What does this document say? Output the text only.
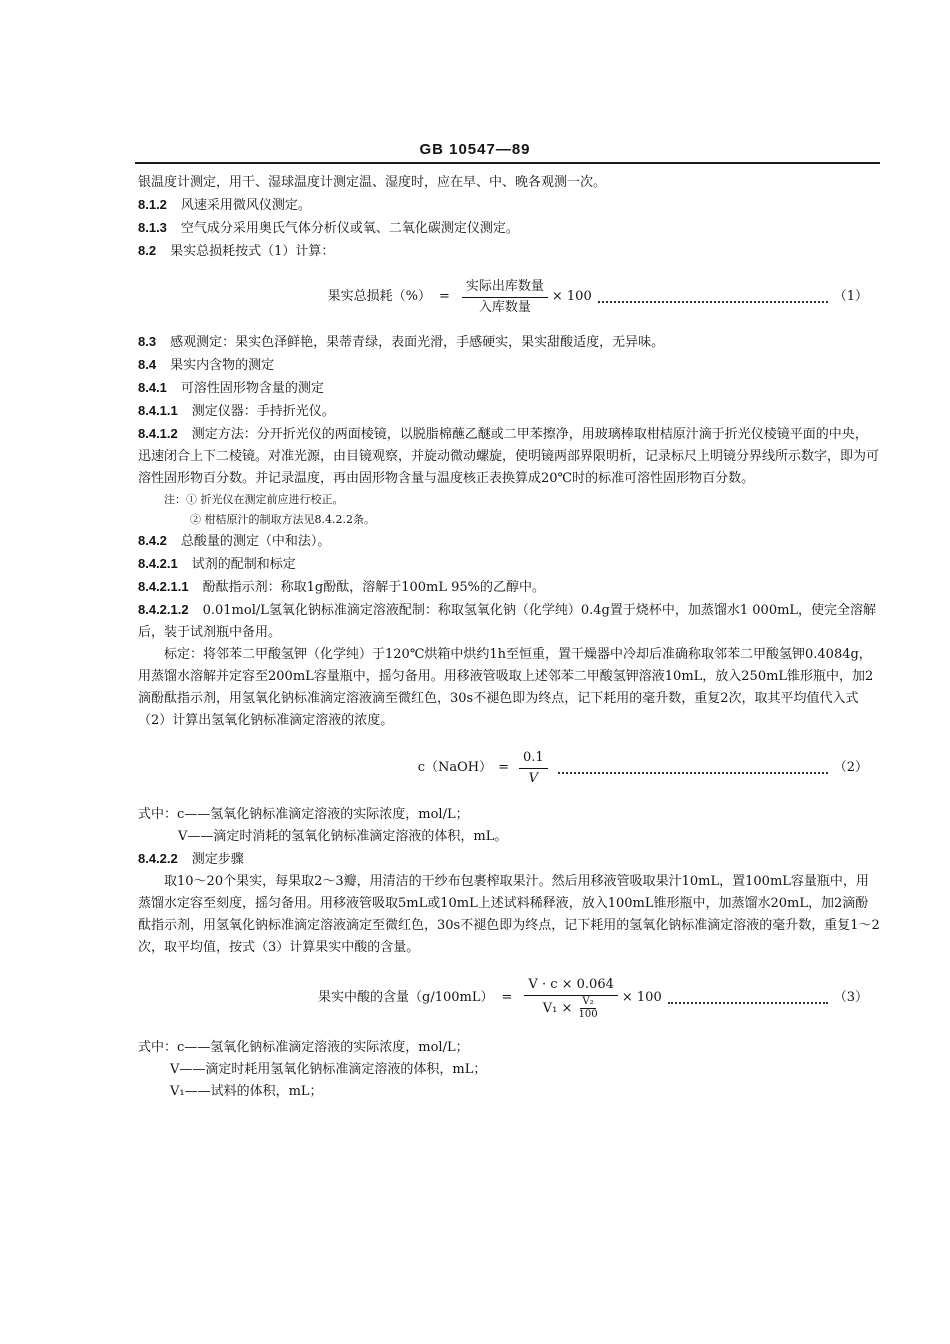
GB 10547—89

银温度计测定，用干、湿球温度计测定温、湿度时，应在早、中、晚各观测一次。

8.1.2 风速采用微风仪测定。

8.1.3 空气成分采用奥氏气体分析仪或氧、二氧化碳测定仪测定。

8.2 果实总损耗按式（1）计算：

果实总损耗（%） = $\frac{\text{实际出库数量}}{\text{入库数量}} \times 100$	（1）

8.3 感观测定：果实色泽鲜艳，果蒂青绿，表面光滑，手感硬实，果实甜酸适度，无异味。

8.4 果实内含物的测定

8.4.1 可溶性固形物含量的测定

8.4.1.1 测定仪器：手持折光仪。

8.4.1.2 测定方法：分开折光仪的两面棱镜，以脱脂棉蘸乙醚或二甲苯擦净，用玻璃棒取柑桔原汁滴于折光仪棱镜平面的中央，迅速闭合上下二棱镜。对准光源，由目镜观察，并旋动微动螺旋，使明镜两部界限明析，记录标尺上明镜分界线所示数字，即为可溶性固形物百分数。并记录温度，再由固形物含量与温度核正表换算成20℃时的标准可溶性固形物百分数。

注：① 折光仪在测定前应进行校正。

② 柑桔原汁的制取方法见8.4.2.2条。

8.4.2 总酸量的测定（中和法）。

8.4.2.1 试剂的配制和标定

8.4.2.1.1 酚酞指示剂：称取1g酚酞，溶解于100mL 95%的乙醇中。

8.4.2.1.2 0.01mol/L氢氧化钠标准滴定溶液配制：称取氢氧化钠（化学纯）0.4g置于烧杯中，加蒸馏水1 000mL，使完全溶解后，装于试剂瓶中备用。

标定：将邻苯二甲酸氢钾（化学纯）于120℃烘箱中烘约1h至恒重，置干燥器中冷却后准确称取邻苯二甲酸氢钾0.4084g，用蒸馏水溶解并定容至200mL容量瓶中，摇匀备用。用移液管吸取上述邻苯二甲酸氢钾溶液10mL，放入250mL锥形瓶中，加2滴酚酞指示剂，用氢氧化钠标准滴定溶液滴至微红色，30s不褪色即为终点，记下耗用的毫升数，重复2次，取其平均值代入式（2）计算出氢氧化钠标准滴定溶液的浓度。

c（NaOH） = $\frac{0.1}{V}$	（2）

式中：c——氢氧化钠标准滴定溶液的实际浓度，mol/L；

V——滴定时消耗的氢氧化钠标准滴定溶液的体积，mL。

8.4.2.2 测定步骤

取10～20个果实，每果取2～3瓣，用清洁的干纱布包裹榨取果汁。然后用移液管吸取果汁10mL，置100mL容量瓶中，用蒸馏水定容至刻度，摇匀备用。用移液管吸取5mL或10mL上述试料稀释液，放入100mL锥形瓶中，加蒸馏水20mL，加2滴酚酞指示剂，用氢氧化钠标准滴定溶液滴定至微红色，30s不褪色即为终点，记下耗用的氢氧化钠标准滴定溶液的毫升数，重复1～2次，取平均值，按式（3）计算果实中酸的含量。

果实中酸的含量$(g/100mL) = \frac{V \cdot c \times 0.064}{V_1 \times \frac{\text{V₂}}{100}} \times 100$	（3）

式中：c——氢氧化钠标准滴定溶液的实际浓度，mol/L；

V——滴定时耗用氢氧化钠标准滴定溶液的体积，mL；

V₁——试料的体积，mL；
